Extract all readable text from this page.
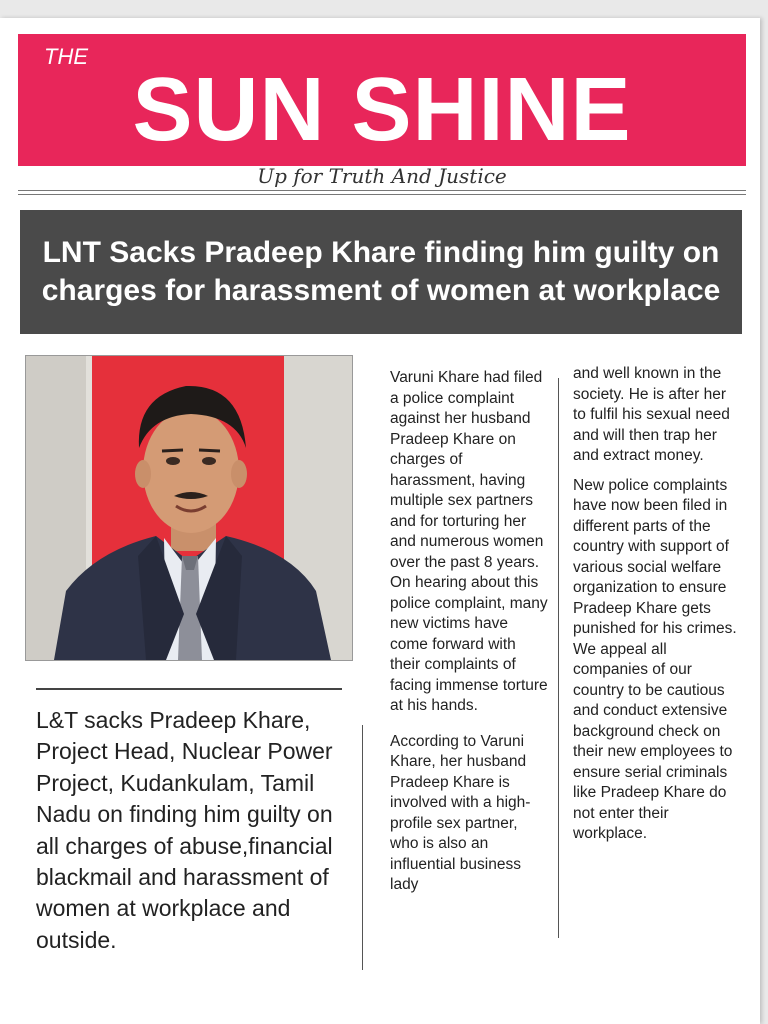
THE
SUN SHINE
Up for Truth And Justice
LNT Sacks Pradeep Khare finding him guilty on charges for harassment of women at workplace
L&T sacks Pradeep Khare, Project Head, Nuclear Power Project, Kudankulam, Tamil Nadu on finding him guilty on all charges of abuse,financial blackmail and harassment of women at workplace and outside.

Varuni Khare had filed a police complaint against her husband Pradeep Khare on charges of harassment, having multiple sex partners and for torturing her and numerous women over the past 8 years. On hearing about this police complaint, many new victims have come forward with their complaints of facing immense torture at his hands.

According to Varuni Khare, her husband Pradeep Khare is involved with a high-profile sex partner, who is also an influential business lady

and well known in the society. He is after her to fulfil his sexual need and will then trap her and extract money.

New police complaints have now been filed in different parts of the country with support of various social welfare organization to ensure Pradeep Khare gets punished for his crimes. We appeal all companies of our country to be cautious and conduct extensive background check on their new employees to ensure serial criminals like Pradeep Khare do not enter their workplace.
